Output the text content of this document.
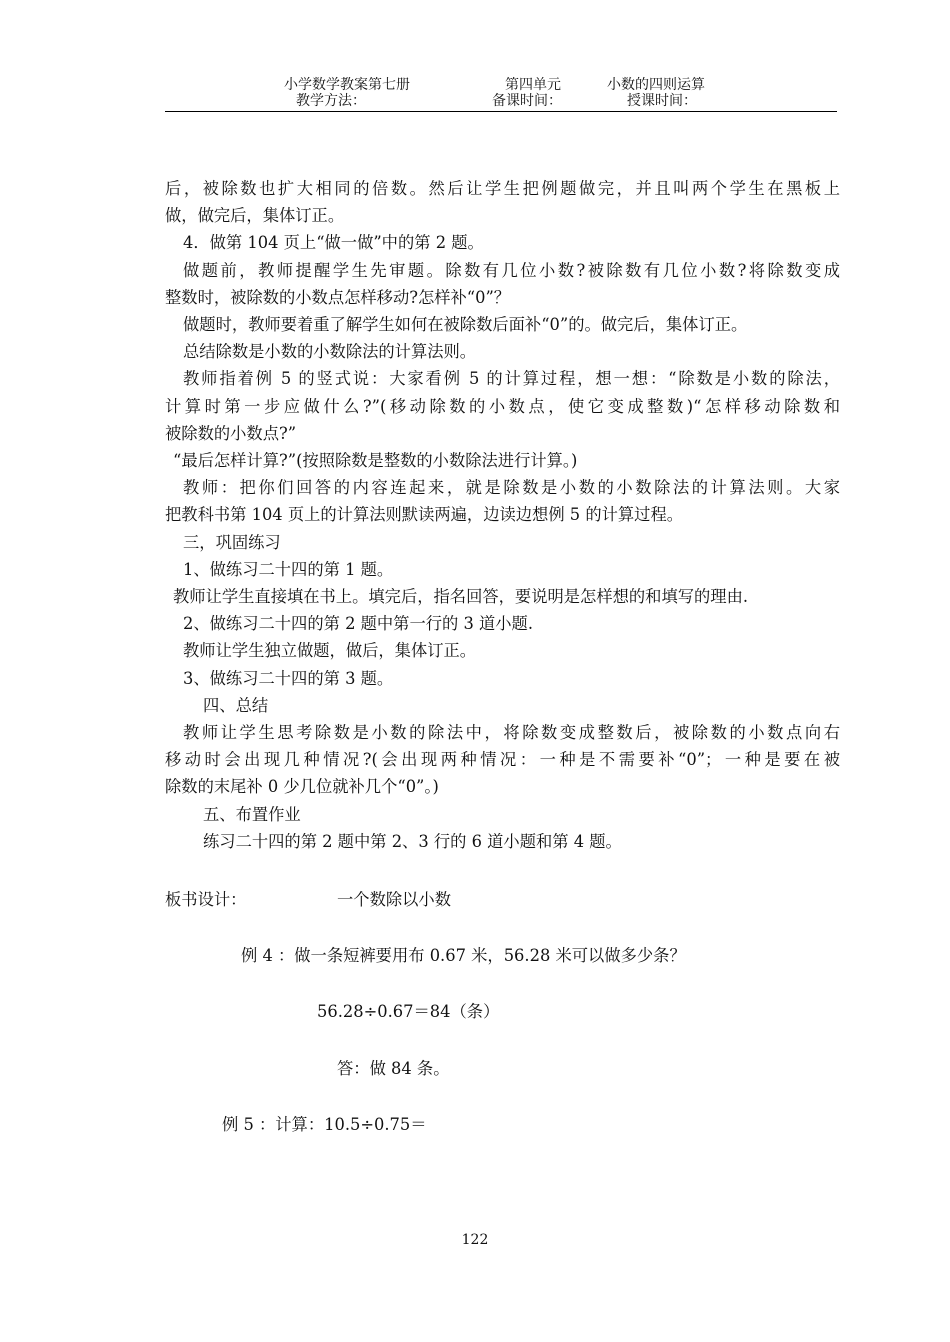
小学数学教案第七册	第四单元	小数的四则运算
教学方法：	备课时间：	授课时间：

后，被除数也扩大相同的倍数。然后让学生把例题做完，并且叫两个学生在黑板上

做，做完后，集体订正。

4．做第 104 页上“做一做”中的第 2 题。

做题前，教师提醒学生先审题。除数有几位小数?被除数有几位小数?将除数变成

整数时，被除数的小数点怎样移动?怎样补“0”？

做题时，教师要着重了解学生如何在被除数后面补“0”的。做完后，集体订正。

总结除数是小数的小数除法的计算法则。

教师指着例 5 的竖式说：大家看例 5 的计算过程，想一想：“除数是小数的除法，

计算时第一步应做什么?”(移动除数的小数点，使它变成整数)“怎样移动除数和

被除数的小数点?”

“最后怎样计算?”(按照除数是整数的小数除法进行计算。)

教师：把你们回答的内容连起来，就是除数是小数的小数除法的计算法则。大家

把教科书第 104 页上的计算法则默读两遍，边读边想例 5 的计算过程。

三，巩固练习

1、做练习二十四的第 1 题。

教师让学生直接填在书上。填完后，指名回答，要说明是怎样想的和填写的理由.

2、做练习二十四的第 2 题中第一行的 3 道小题.

教师让学生独立做题，做后，集体订正。

3、做练习二十四的第 3 题。

四、总结

教师让学生思考除数是小数的除法中，将除数变成整数后，被除数的小数点向右

移动时会出现几种情况?(会出现两种情况：一种是不需要补“0”；一种是要在被

除数的末尾补 0 少几位就补几个“0”。)

五、布置作业

练习二十四的第 2 题中第 2、3 行的 6 道小题和第 4 题。

板书设计：	一个数除以小数
例 4 ：做一条短裤要用布 0.67 米，56.28 米可以做多少条？
56.28÷0.67＝84（条）
答：做 84 条。
例 5 ：计算：10.5÷0.75＝
122
